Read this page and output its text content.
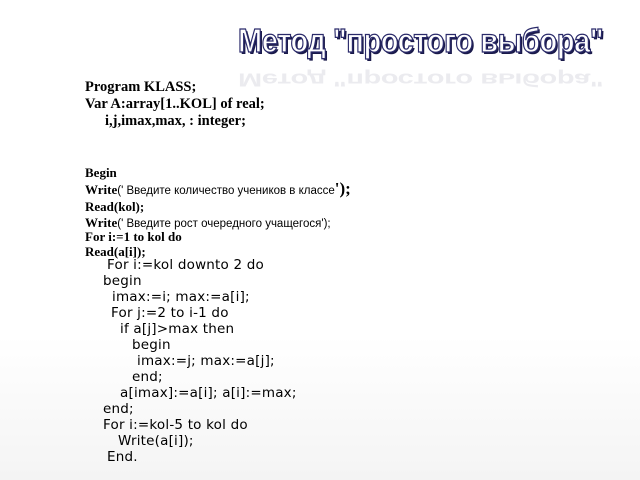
Метод "простого выбора"
Метод "простого выбора"
Program KLASS;
Var A:array[1..KOL] of real;
i,j,imax,max, : integer;
Begin
Write(' Введите количество учеников в классе');
Read(kol);
Write(' Введите рост очередного учащегося');
For i:=1 to kol do
Read(a[i]);
For i:=kol downto 2 do
begin
imax:=i; max:=a[i];
For j:=2 to i-1 do
if a[j]>max then
begin
imax:=j; max:=a[j];
end;
a[imax]:=a[i]; a[i]:=max;
end;
For i:=kol-5 to kol do
Write(a[i]);
End.
